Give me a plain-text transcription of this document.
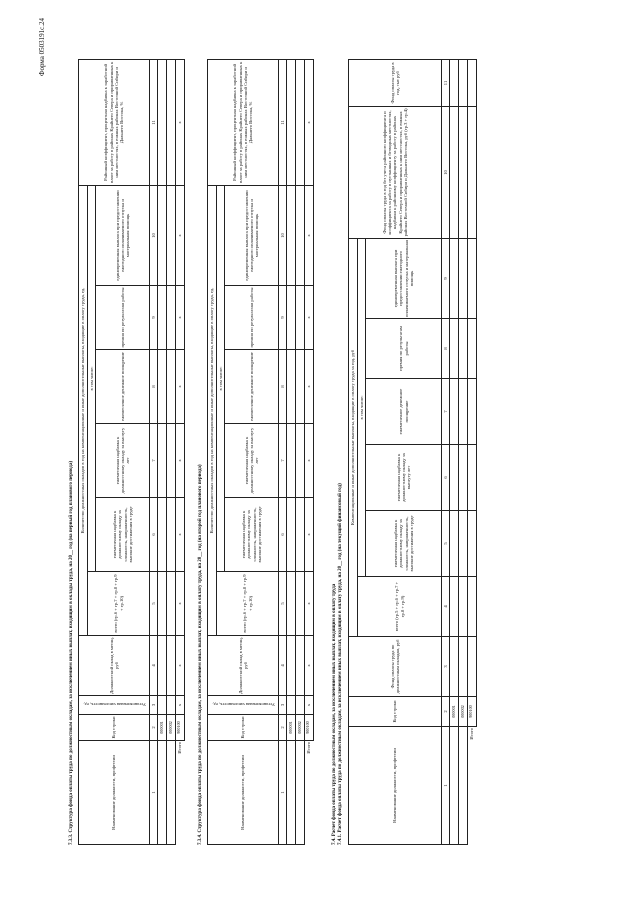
Форма 0503191с.24
7.3.3. Структура фонда оплаты труда по должностным окладам, за исключением иных выплат, входящим в оклады труда, на 20__ год (на первый год планового периода)	Наименование должности, профессии	Код строки	Установленная численность, ед.	Должностной оклад в месяц, руб	Количество должностных окладов в год на компенсационные и иные дополнительные выплаты, входящие в оплату труда, ед.						Районный коэффициент, процентная надбавка к заработной плате за работу в районах Крайнего Севера и приравненных к ним местностях, в южных районах Восточной Сибири и Дальнего Востока, %
				всего (гр.6 + гр.7 + гр.8 + гр.9 + гр.10)	в том числе:					
					ежемесячная надбавка к должностному окладу за сложность, напряженность, высокие достижения в труде	ежемесячная надбавка к должностному окладу за выслугу лет	ежемесячное денежное поощрение	премия по результатам работы	единовременная выплата при предоставлении ежегодного оплачиваемого отпуска и материальная помощь	
1	2	3	4	5	6	7	8	9	10	11
	000001									
	000002									
Итого	900100	x	x	x	x	x	x	x	x	x
7.3.4. Структура фонда оплаты труда по должностным окладам, за исключением иных выплат, входящим в оплату труда, на 20__ год (на второй год планового периода)	Наименование должности, профессии	Код строки	Установленная численность, ед.	Должностной оклад в месяц, руб	Количество должностных окладов в год на компенсационные и иные дополнительные выплаты, входящие в оплату труда, ед.						Районный коэффициент, процентная надбавка к заработной плате за работу в районах Крайнего Севера и приравненных к ним местностях, в южных районах Восточной Сибири и Дальнего Востока, %
				всего (гр.6 + гр.7 + гр.8 + гр.9 + гр.10)	в том числе:					
					ежемесячная надбавка к должностному окладу за сложность, напряженность, высокие достижения в труде	ежемесячная надбавка к должностному окладу за выслугу лет	ежемесячное денежное поощрение	премия по результатам работы	единовременная выплата при предоставлении ежегодного оплачиваемого отпуска и материальная помощь	
1	2	3	4	5	6	7	8	9	10	11
	000001									
	000002									
Итого	900100	x	x	x	x	x	x	x	x	x
7.4. Расчет фонда оплаты труда по должностным окладам, за исключением иных выплат, входящим в оплату труда 7.4.1. Расчет фонда оплаты труда по должностным окладам, за исключением иных выплат, входящим в оплату труда, на 20__ год (на текущий финансовый год)	Наименование должности, профессии	Код строки	Фонд оплаты труда по должностным окладам, руб	Компенсационные и иные дополнительные выплаты, входящие в оплату труда за год, руб						Фонд оплаты труда в год без учета районного коэффициента и коэффициента за работу в пустынных и безводных местностях, надбавки к районному коэффициенту за работу в районах Крайнего Севера и приравненных к ним местностях, в южных районах Восточной Сибири и Дальнего Востока, руб (гр.3 + гр.4)	Фонд оплаты труда в год, тыс руб
			всего (гр.5 + гр.6 + гр.7 + гр.8 + гр.9)	в том числе:						
				ежемесячная надбавка к должностному окладу за сложность, напряженность, высокие достижения в труде	ежемесячная надбавка к должностному окладу за выслугу лет	ежемесячное денежное поощрение	премия по результатам работы	единовременная выплата при предоставлении ежегодного оплачиваемого отпуска и материальная помощь		
1	2	3	4	5	6	7	8	9	10	11
	000001									
	000002									
Итого	900100									
